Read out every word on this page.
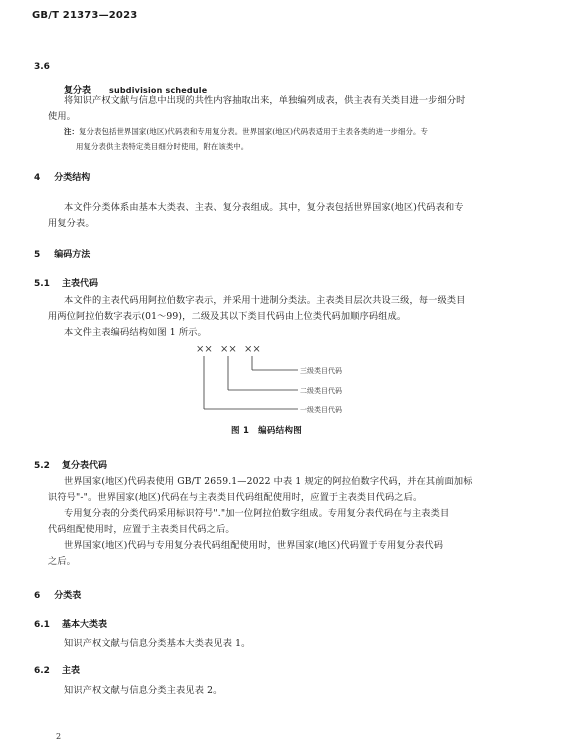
GB/T 21373—2023
3.6
复分表 subdivision schedule
将知识产权文献与信息中出现的共性内容抽取出来，单独编列成表，供主表有关类目进一步细分时
使用。
注：复分表包括世界国家(地区)代码表和专用复分表。世界国家(地区)代码表适用于主表各类的进一步细分。专
用复分表供主表特定类目细分时使用，附在该类中。
4 分类结构
本文件分类体系由基本大类表、主表、复分表组成。其中，复分表包括世界国家(地区)代码表和专
用复分表。
5 编码方法
5.1 主表代码
本文件的主表代码用阿拉伯数字表示，并采用十进制分类法。主表类目层次共设三级，每一级类目
用两位阿拉伯数字表示(01～99)，二级及其以下类目代码由上位类代码加顺序码组成。
本文件主表编码结构如图 1 所示。
×× ×× ××
三级类目代码
二级类目代码
一级类目代码
图 1　编码结构图
5.2 复分表代码
世界国家(地区)代码表使用 GB/T 2659.1—2022 中表 1 规定的阿拉伯数字代码，并在其前面加标
识符号"-"。世界国家(地区)代码在与主表类目代码组配使用时，应置于主表类目代码之后。
专用复分表的分类代码采用标识符号"."加一位阿拉伯数字组成。专用复分表代码在与主表类目
代码组配使用时，应置于主表类目代码之后。
世界国家(地区)代码与专用复分表代码组配使用时，世界国家(地区)代码置于专用复分表代码
之后。
6 分类表
6.1 基本大类表
知识产权文献与信息分类基本大类表见表 1。
6.2 主表
知识产权文献与信息分类主表见表 2。
2
